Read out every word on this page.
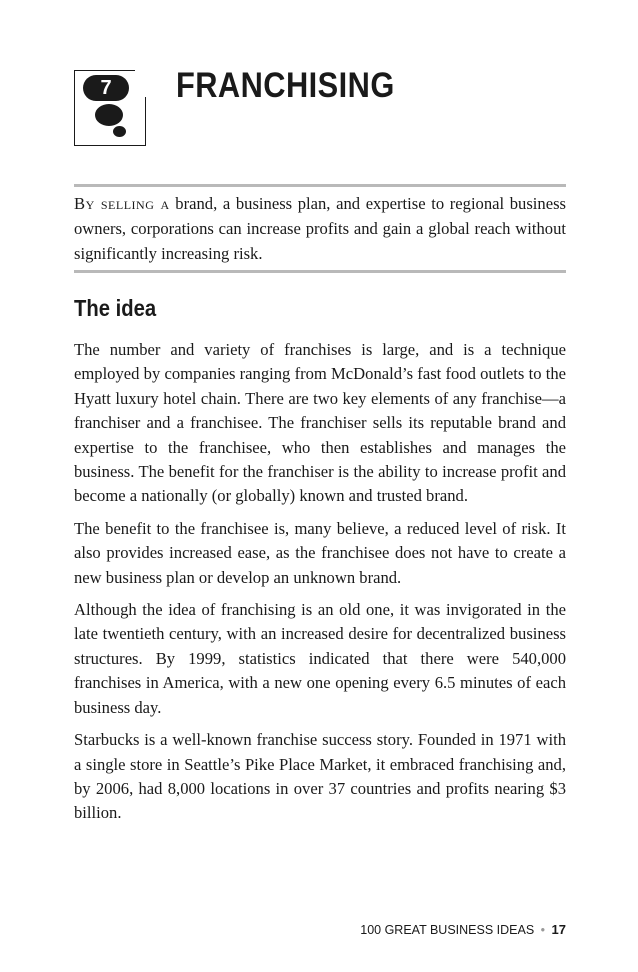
7	FRANCHISING

By selling a brand, a business plan, and expertise to regional business owners, corporations can increase profits and gain a global reach without significantly increasing risk.

The idea

The number and variety of franchises is large, and is a technique employed by companies ranging from McDonald’s fast food outlets to the Hyatt luxury hotel chain. There are two key elements of any franchise—a franchiser and a franchisee. The franchiser sells its reputable brand and expertise to the franchisee, who then establishes and manages the business. The benefit for the franchiser is the ability to increase profit and become a nationally (or globally) known and trusted brand.

The benefit to the franchisee is, many believe, a reduced level of risk. It also provides increased ease, as the franchisee does not have to create a new business plan or develop an unknown brand.

Although the idea of franchising is an old one, it was invigorated in the late twentieth century, with an increased desire for decentralized business structures. By 1999, statistics indicated that there were 540,000 franchises in America, with a new one opening every 6.5 minutes of each business day.

Starbucks is a well-known franchise success story. Founded in 1971 with a single store in Seattle’s Pike Place Market, it embraced franchising and, by 2006, had 8,000 locations in over 37 countries and profits nearing $3 billion.

100 GREAT BUSINESS IDEAS • 17
